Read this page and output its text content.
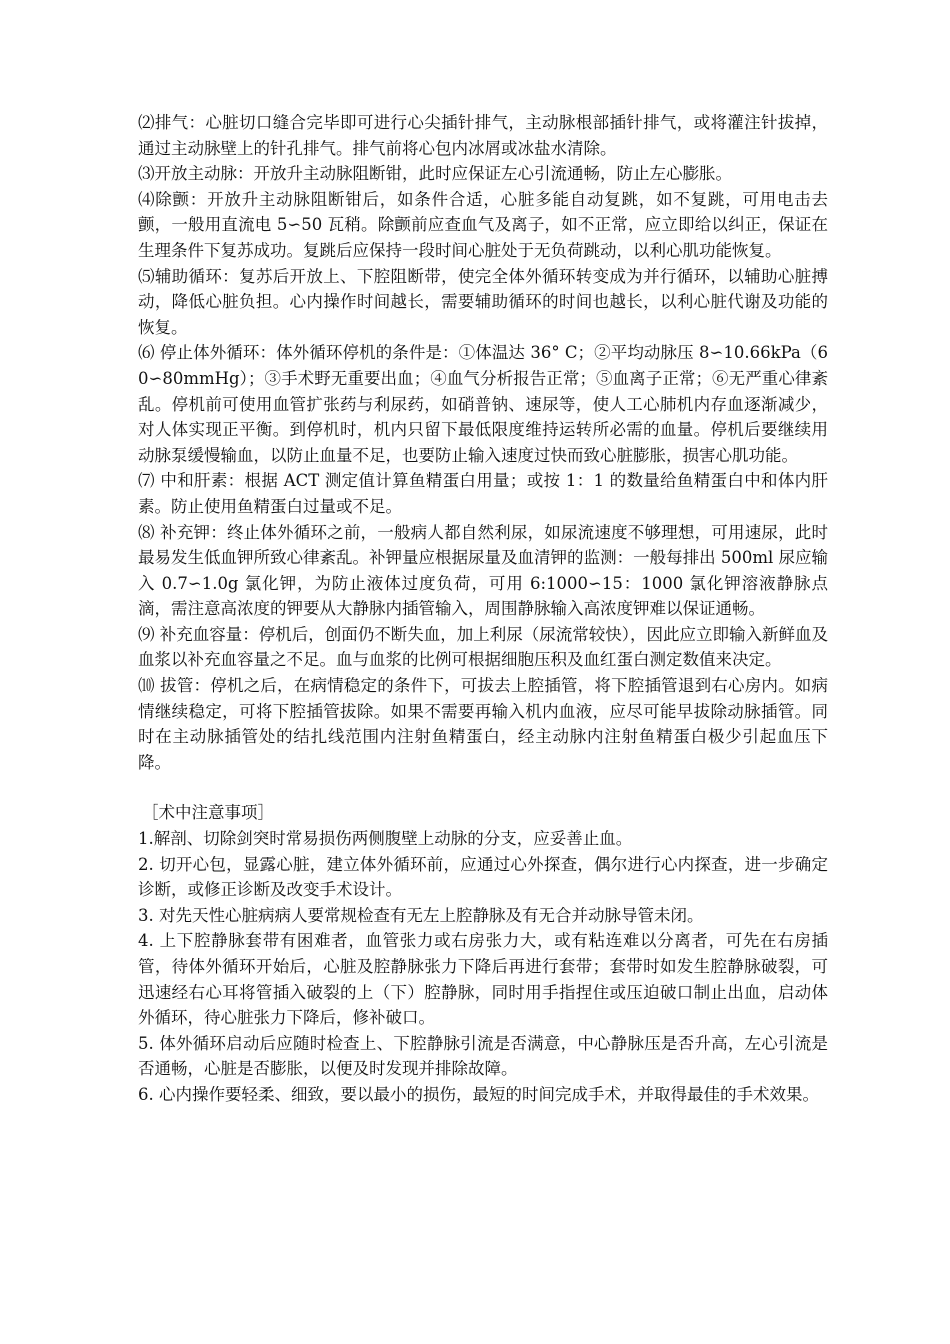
⑵排气：心脏切口缝合完毕即可进行心尖插针排气，主动脉根部插针排气，或将灌注针拔掉，通过主动脉壁上的针孔排气。排气前将心包内冰屑或冰盐水清除。

⑶开放主动脉：开放升主动脉阻断钳，此时应保证左心引流通畅，防止左心膨胀。

⑷除颤：开放升主动脉阻断钳后，如条件合适，心脏多能自动复跳，如不复跳，可用电击去颤，一般用直流电 5∽50 瓦稍。除颤前应查血气及离子，如不正常，应立即给以纠正，保证在生理条件下复苏成功。复跳后应保持一段时间心脏处于无负荷跳动，以利心肌功能恢复。

⑸辅助循环：复苏后开放上、下腔阻断带，使完全体外循环转变成为并行循环，以辅助心脏搏动，降低心脏负担。心内操作时间越长，需要辅助循环的时间也越长，以利心脏代谢及功能的恢复。

⑹ 停止体外循环：体外循环停机的条件是：①体温达 36° C；②平均动脉压 8∽10.66kPa（60∽80mmHg）；③手术野无重要出血；④血气分析报告正常；⑤血离子正常；⑥无严重心律紊乱。停机前可使用血管扩张药与利尿药，如硝普钠、速尿等，使人工心肺机内存血逐渐减少，对人体实现正平衡。到停机时，机内只留下最低限度维持运转所必需的血量。停机后要继续用动脉泵缓慢输血，以防止血量不足，也要防止输入速度过快而致心脏膨胀，损害心肌功能。

⑺ 中和肝素：根据 ACT 测定值计算鱼精蛋白用量；或按 1：1 的数量给鱼精蛋白中和体内肝素。防止使用鱼精蛋白过量或不足。

⑻ 补充钾：终止体外循环之前，一般病人都自然利尿，如尿流速度不够理想，可用速尿，此时最易发生低血钾所致心律紊乱。补钾量应根据尿量及血清钾的监测：一般每排出 500ml 尿应输入 0.7∽1.0g 氯化钾，为防止液体过度负荷，可用 6:1000∽15：1000 氯化钾溶液静脉点滴，需注意高浓度的钾要从大静脉内插管输入，周围静脉输入高浓度钾难以保证通畅。

⑼ 补充血容量：停机后，创面仍不断失血，加上利尿（尿流常较快），因此应立即输入新鲜血及血浆以补充血容量之不足。血与血浆的比例可根据细胞压积及血红蛋白测定数值来决定。

⑽ 拔管：停机之后，在病情稳定的条件下，可拔去上腔插管，将下腔插管退到右心房内。如病情继续稳定，可将下腔插管拔除。如果不需要再输入机内血液，应尽可能早拔除动脉插管。同时在主动脉插管处的结扎线范围内注射鱼精蛋白，经主动脉内注射鱼精蛋白极少引起血压下降。

［术中注意事项］

1.解剖、切除剑突时常易损伤两侧腹壁上动脉的分支，应妥善止血。

2. 切开心包，显露心脏，建立体外循环前，应通过心外探查，偶尔进行心内探查，进一步确定诊断，或修正诊断及改变手术设计。

3. 对先天性心脏病病人要常规检查有无左上腔静脉及有无合并动脉导管未闭。

4. 上下腔静脉套带有困难者，血管张力或右房张力大，或有粘连难以分离者，可先在右房插管，待体外循环开始后，心脏及腔静脉张力下降后再进行套带；套带时如发生腔静脉破裂，可迅速经右心耳将管插入破裂的上（下）腔静脉，同时用手指捏住或压迫破口制止出血，启动体外循环，待心脏张力下降后，修补破口。

5. 体外循环启动后应随时检查上、下腔静脉引流是否满意，中心静脉压是否升高，左心引流是否通畅，心脏是否膨胀，以便及时发现并排除故障。

6. 心内操作要轻柔、细致，要以最小的损伤，最短的时间完成手术，并取得最佳的手术效果。
